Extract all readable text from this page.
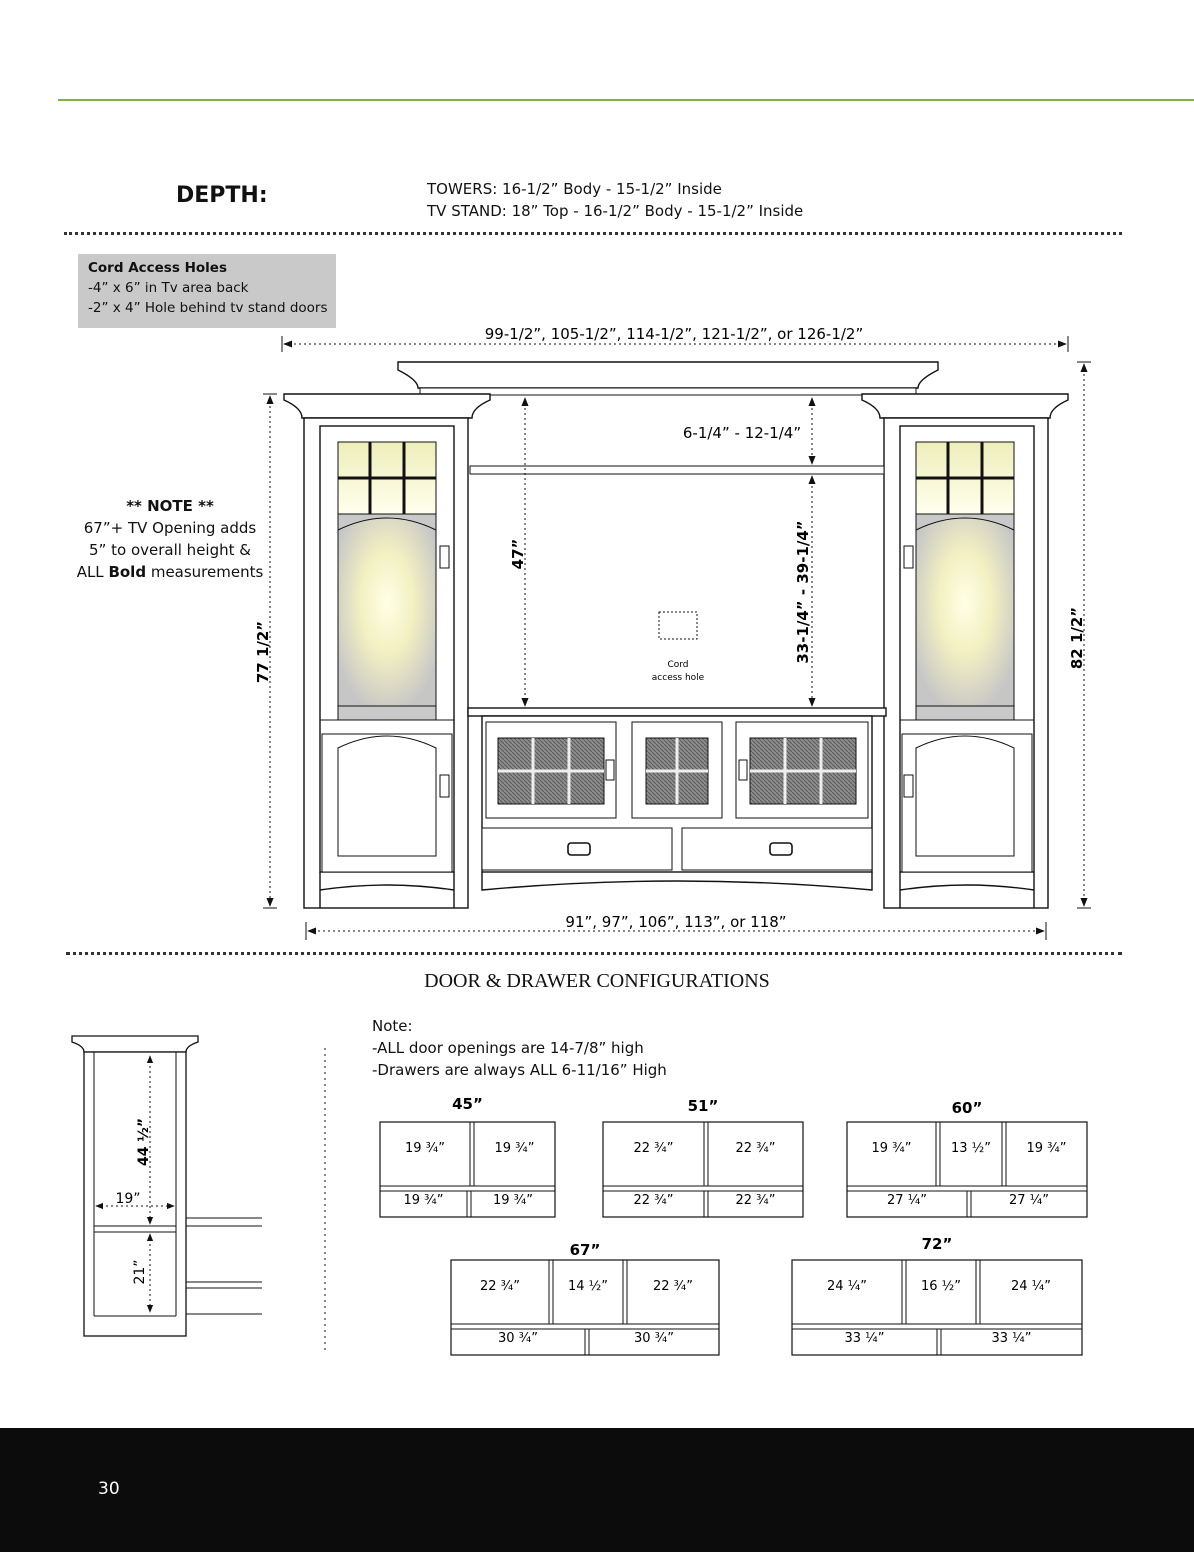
DEPTH:	TOWERS: 16-1/2” Body - 15-1/2” Inside
TV STAND: 18” Top - 16-1/2” Body - 15-1/2” Inside
Cord Access Holes
-4” x 6” in Tv area back
-2” x 4” Hole behind tv stand doors
** NOTE **
67”+ TV Opening adds
5” to overall height &
ALL Bold measurements
99-1/2”, 105-1/2”, 114-1/2”, 121-1/2”, or 126-1/2”
Cord
access hole
77 1/2”	82 1/2”
47”
6-1/4” - 12-1/4”
33-1/4” - 39-1/4”
91”, 97”, 106”, 113”, or 118”
DOOR & DRAWER CONFIGURATIONS
Note:
-ALL door openings are 14-7/8” high
-Drawers are always ALL 6-11/16” High
44 ½”
19”
21”
45”
19 ¾”	19 ¾”
19 ¾”	19 ¾”
51”
22 ¾”	22 ¾”
22 ¾”	22 ¾”
60”
19 ¾”	13 ½”	19 ¾”
27 ¼”	27 ¼”
67”
22 ¾”	14 ½”	22 ¾”
30 ¾”	30 ¾”
72”
24 ¼”	16 ½”	24 ¼”
33 ¼”	33 ¼”
30
